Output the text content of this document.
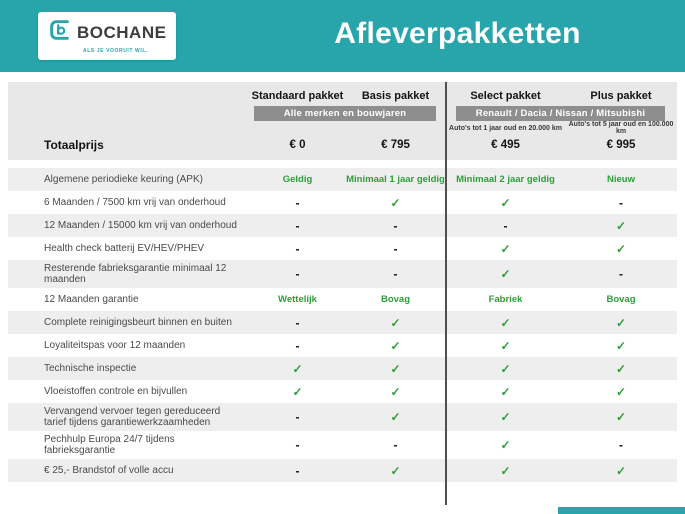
BOCHANE
ALS JE VOORUIT WIL.
Afleverpakketten
Standaard pakket	Basis pakket	Select pakket	Plus pakket
Alle merken en bouwjaren	Renault / Dacia / Nissan / Mitsubishi
Auto's tot 1 jaar oud en 20.000 km Auto's tot 5 jaar oud en 100.000 km
Totaalprijs	€ 0	€ 795	€ 495	€ 995
Algemene periodieke keuring (APK)	Geldig	Minimaal 1 jaar geldig	Minimaal 2 jaar geldig	Nieuw
6 Maanden / 7500 km vrij van onderhoud	-	✓	✓	-
12 Maanden / 15000 km vrij van onderhoud	-	-	-	✓
Health check batterij EV/HEV/PHEV	-	-	✓	✓
Resterende fabrieksgarantie minimaal 12 maanden	-	-	✓	-
12 Maanden garantie	Wettelijk	Bovag	Fabriek	Bovag
Complete reinigingsbeurt binnen en buiten	-	✓	✓	✓
Loyaliteitspas voor 12 maanden	-	✓	✓	✓
Technische inspectie	✓	✓	✓	✓
Vloeistoffen controle en bijvullen	✓	✓	✓	✓
Vervangend vervoer tegen gereduceerd tarief tijdens garantiewerkzaamheden	-	✓	✓	✓
Pechhulp Europa 24/7 tijdens fabrieksgarantie	-	-	✓	-
€ 25,- Brandstof of volle accu	-	✓	✓	✓
